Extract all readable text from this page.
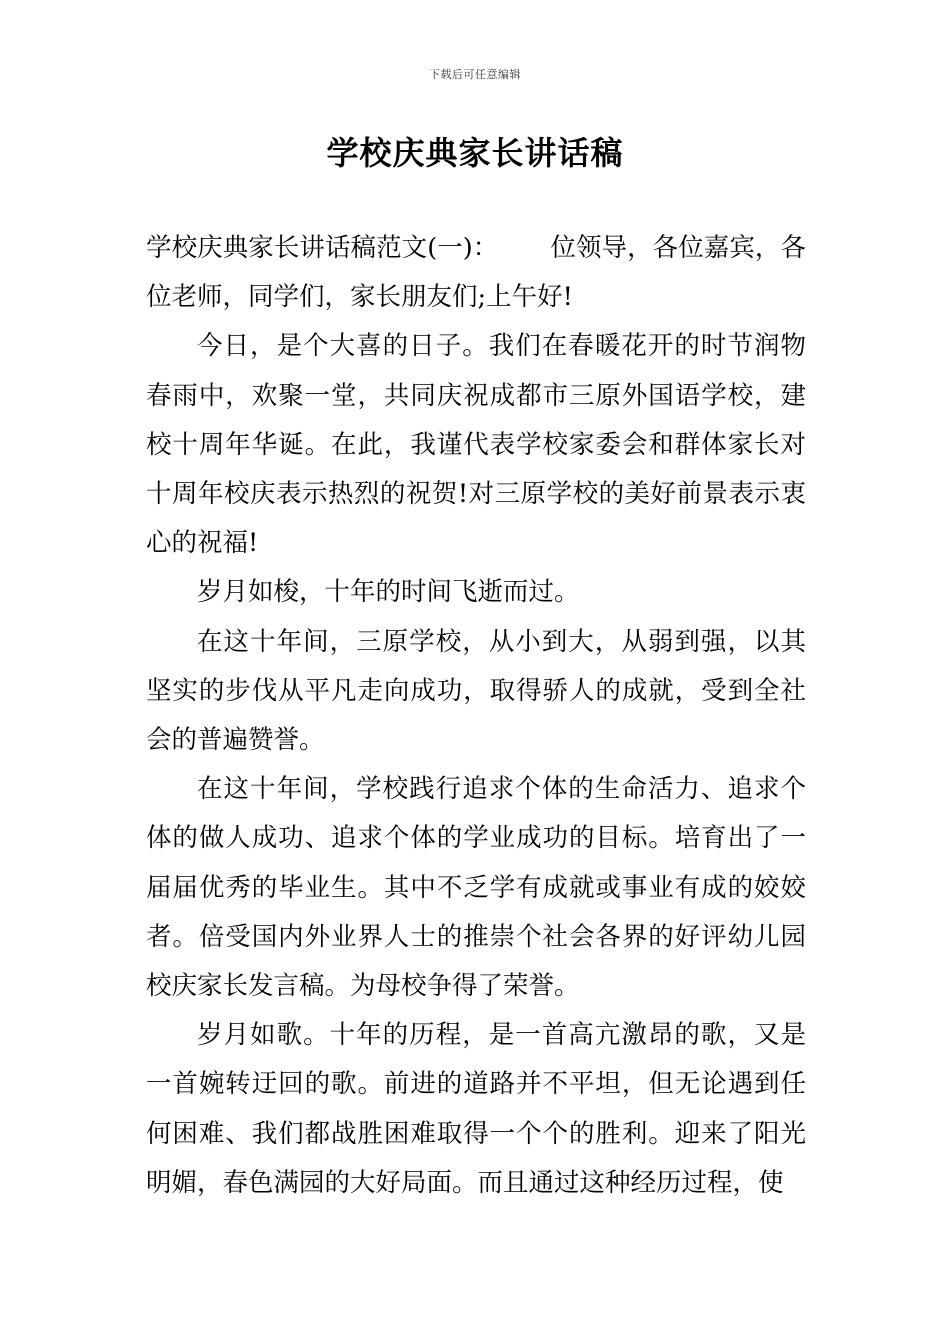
下载后可任意编辑
学校庆典家长讲话稿

学校庆典家长讲话稿范文(一)： 位领导，各位嘉宾，各位老师，同学们，家长朋友们;上午好!

今日，是个大喜的日子。我们在春暖花开的时节润物春雨中，欢聚一堂，共同庆祝成都市三原外国语学校，建校十周年华诞。在此，我谨代表学校家委会和群体家长对十周年校庆表示热烈的祝贺!对三原学校的美好前景表示衷心的祝福!

岁月如梭，十年的时间飞逝而过。

在这十年间，三原学校，从小到大，从弱到强，以其坚实的步伐从平凡走向成功，取得骄人的成就，受到全社会的普遍赞誉。

在这十年间，学校践行追求个体的生命活力、追求个体的做人成功、追求个体的学业成功的目标。培育出了一届届优秀的毕业生。其中不乏学有成就或事业有成的姣姣者。倍受国内外业界人士的推崇个社会各界的好评幼儿园校庆家长发言稿。为母校争得了荣誉。

岁月如歌。十年的历程，是一首高亢激昂的歌，又是一首婉转迂回的歌。前进的道路并不平坦，但无论遇到任何困难、我们都战胜困难取得一个个的胜利。迎来了阳光明媚，春色满园的大好局面。而且通过这种经历过程，使
